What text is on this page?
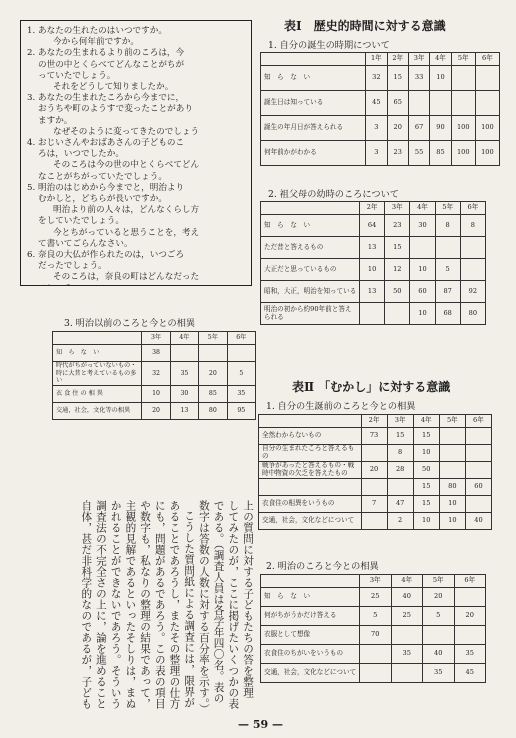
1. あなたの生れたのはいつですか。
今から何年前ですか。
2. あなたの生まれるより前のころは，今
の世の中とくらべてどんなことがちが
っていたでしょう。
それをどうして知りましたか。
3. あなたの生まれたころから今までに，
おうちや町のようすで変ったことがあり
ますか。
なぜそのように変ってきたのでしょう
4. おじいさんやおばあさんの子どものこ
ろは，いつでしたか。
そのころは今の世の中とくらべてどん
なことがちがっていたでしょう。
5. 明治のはじめから今までと，明治より
むかしと，どちらが長いですか。
明治より前の人々は，どんなくらし方
をしていたでしょう。
今とちがっていると思うことを，考え
て書いてごらんなさい。
6. 奈良の大仏が作られたのは，いつごろ
だったでしょう。
そのころは，奈良の町はどんなだった
表Ⅰ　歴史的時間に対する意識
1. 自分の誕生の時期について
	1年	2年	3年	4年	5年	6年
知　ら　な　い	32	15	33	10		
誕生日は知っている	45	65				
誕生の年月日が答えられる	3	20	67	90	100	100
何年前かがわかる	3	23	55	85	100	100
2. 祖父母の幼時のころについて
	2年	3年	4年	5年	6年
知　ら　な　い	64	23	30	8	8
ただ昔と答えるもの	13	15			
大正だと思っているもの	10	12	10	5	
昭和，大正，明治を知っている	13	50	60	87	92
明治の初から約90年前と答えられる			10	68	80
3. 明治以前のころと今との相異
	3年	4年	5年	6年
知　ら　な　い	38			
時代がちがっていないもの・時に大昔と考えているもの多い	32	35	20	5
衣 食 住 の 相 異	10	30	85	35
交通，社会，文化等の相異	20	13	80	95
表Ⅱ 「むかし」に対する意識
1. 自分の生誕前のころと今との相異
	2年	3年	4年	5年	6年
全然わからないもの	73	15	15		
自分の生まれたころと答えるもの		8	10		
戦争があったと答えるもの・戦時中物資の欠乏を答えたもの	20	28	50		
			15	80	60
衣食住の相異をいうもの	7	47	15	10	
交通，社会，文化などについて		2	10	10	40
2. 明治のころと今との相異
	3年	4年	5年	6年
知　ら　な　い	25	40	20	
何がちがうかだけ答える	5	25	5	20
衣服として想像	70			
衣食住のちがいをいうもの		35	40	35
交通，社会，文化などについて			35	45
上の質問に対する子どもたちの答を整理
してみたのが，ここに掲げたいくつかの表
である。（調査人員は各学年四〇名。表の
数字は答数の人数に対する百分率を示す。）
こうした質問紙による調査には，限界が
あることであろうし，またその整理の仕方
にも，問題があるであろう。この表の項目
や数字も，私なりの整理の結果であって，
主観的見解であるといったそしりは，まぬ
かれることができないであろう。そういう
調査法の不完全さの上に，論を進めること
自体，甚だ非科学的なのであるが，子ども
— 59 —
